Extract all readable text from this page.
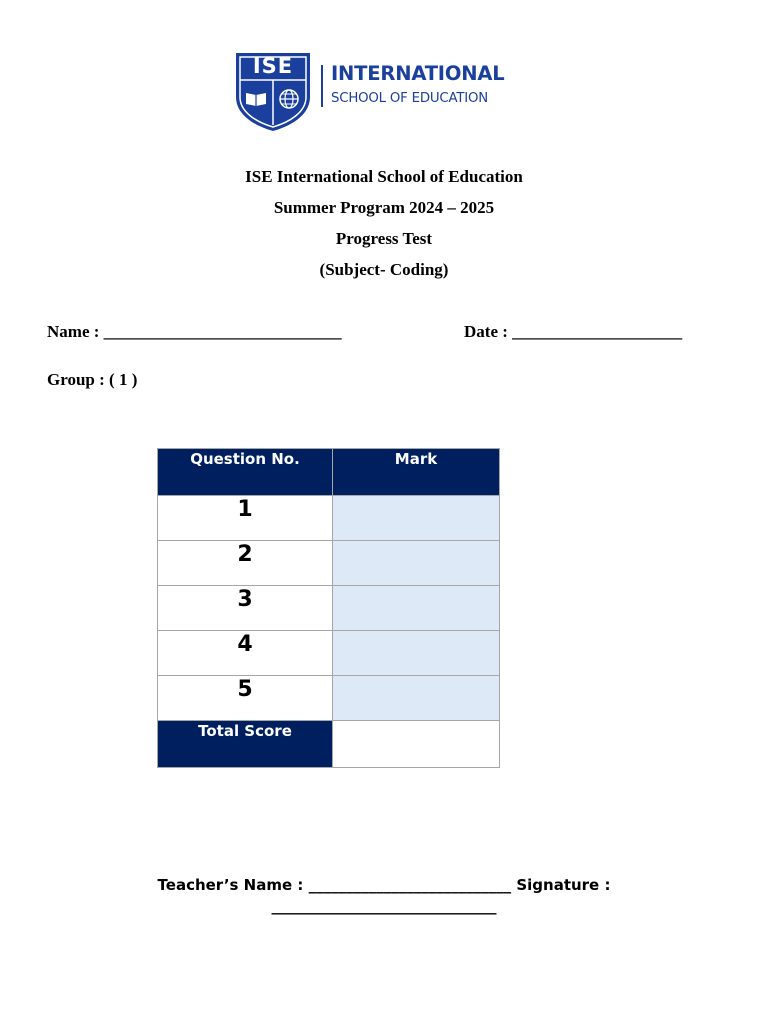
ISE	INTERNATIONAL
SCHOOL OF EDUCATION
ISE International School of Education
Summer Program 2024 – 2025
Progress Test
(Subject- Coding)
Name : ____________________________	Date : ____________________
Group : ( 1 )
Question No.	Mark
1	
2	
3	
4	
5	
Total Score	
Teacher’s Name : ___________________________ Signature :
______________________________
